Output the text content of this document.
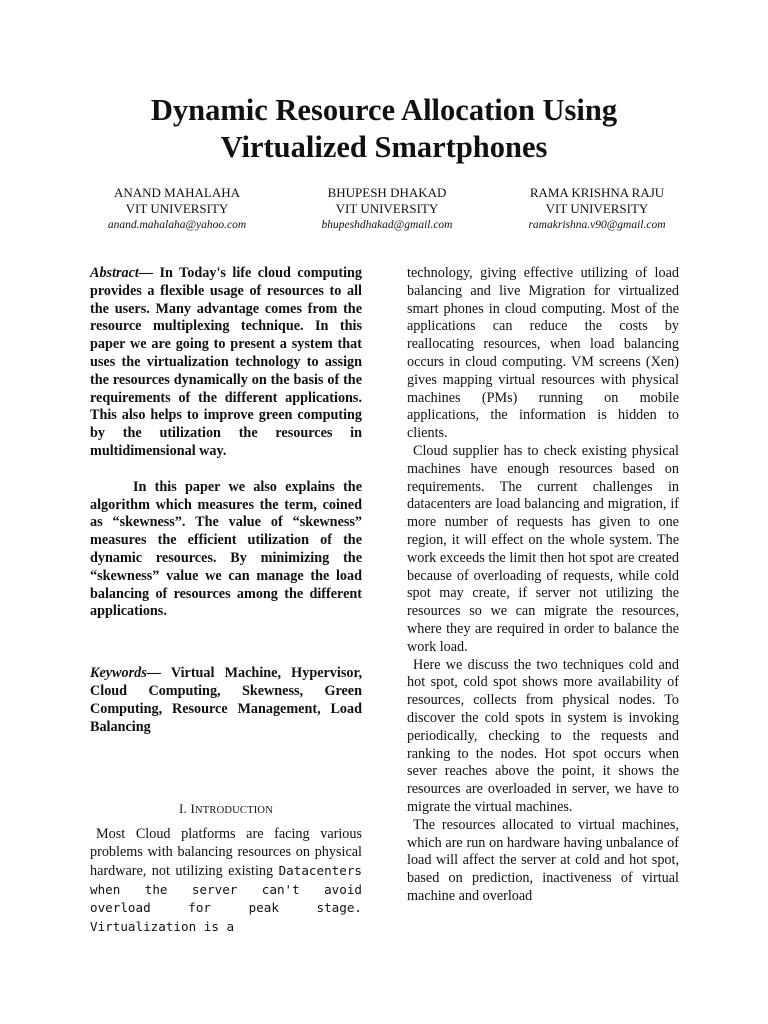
Dynamic Resource Allocation Using
Virtualized Smartphones
ANAND MAHALAHA
VIT UNIVERSITY
anand.mahalaha@yahoo.com
BHUPESH DHAKAD
VIT UNIVERSITY
bhupeshdhakad@gmail.com
RAMA KRISHNA RAJU
VIT UNIVERSITY
ramakrishna.v90@gmail.com

Abstract— In Today's life cloud computing provides a flexible usage of resources to all the users. Many advantage comes from the resource multiplexing technique. In this paper we are going to present a system that uses the virtualization technology to assign the resources dynamically on the basis of the requirements of the different applications. This also helps to improve green computing by the utilization the resources in multidimensional way.

In this paper we also explains the algorithm which measures the term, coined as “skewness”. The value of “skewness” measures the efficient utilization of the dynamic resources. By minimizing the “skewness” value we can manage the load balancing of resources among the different applications.

Keywords— Virtual Machine, Hypervisor, Cloud Computing, Skewness, Green Computing, Resource Management, Load Balancing

I. INTRODUCTION

Most Cloud platforms are facing various problems with balancing resources on physical hardware, not utilizing existing Datacenters when the server can't avoid overload for peak stage. Virtualization is a

technology, giving effective utilizing of load balancing and live Migration for virtualized smart phones in cloud computing. Most of the applications can reduce the costs by reallocating resources, when load balancing occurs in cloud computing. VM screens (Xen) gives mapping virtual resources with physical machines (PMs) running on mobile applications, the information is hidden to clients.

Cloud supplier has to check existing physical machines have enough resources based on requirements. The current challenges in datacenters are load balancing and migration, if more number of requests has given to one region, it will effect on the whole system. The work exceeds the limit then hot spot are created because of overloading of requests, while cold spot may create, if server not utilizing the resources so we can migrate the resources, where they are required in order to balance the work load.

Here we discuss the two techniques cold and hot spot, cold spot shows more availability of resources, collects from physical nodes. To discover the cold spots in system is invoking periodically, checking to the requests and ranking to the nodes. Hot spot occurs when sever reaches above the point, it shows the resources are overloaded in server, we have to migrate the virtual machines.

The resources allocated to virtual machines, which are run on hardware having unbalance of load will affect the server at cold and hot spot, based on prediction, inactiveness of virtual machine and overload
